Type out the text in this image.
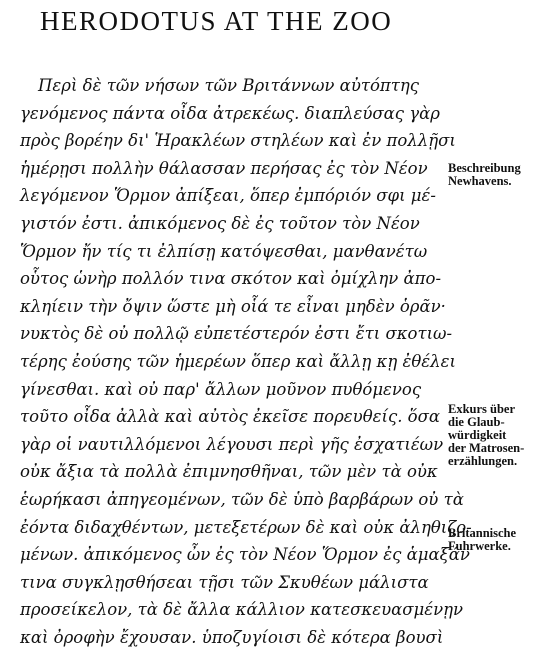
HERODOTUS AT THE ZOO
Περὶ δὲ τῶν νήσων τῶν Βριτάννων αὐτόπτης
γενόμενος πάντα οἶδα ἀτρεκέως. διαπλεύσας γὰρ
πρὸς βορέην δι' Ἡρακλέων στηλέων καὶ ἐν πολλῇσι
ἡμέρῃσι πολλὴν θάλασσαν περήσας ἐς τὸν Νέον
λεγόμενον Ὅρμον ἀπίξεαι, ὅπερ ἐμπόριόν σφι μέ-
γιστόν ἐστι. ἀπικόμενος δὲ ἐς τοῦτον τὸν Νέον
Ὅρμον ἤν τίς τι ἐλπίσῃ κατόψεσθαι, μανθανέτω
οὗτος ὡνὴρ πολλόν τινα σκότον καὶ ὀμίχλην ἀπο-
κληίειν τὴν ὄψιν ὥστε μὴ οἷά τε εἶναι μηδὲν ὁρᾶν·
νυκτὸς δὲ οὐ πολλῷ εὐπετέστερόν ἐστι ἔτι σκοτιω-
τέρης ἐούσης τῶν ἡμερέων ὅπερ καὶ ἄλλῃ κῃ ἐθέλει
γίνεσθαι. καὶ οὐ παρ' ἄλλων μοῦνον πυθόμενος
τοῦτο οἶδα ἀλλὰ καὶ αὐτὸς ἐκεῖσε πορευθείς. ὅσα
γὰρ οἱ ναυτιλλόμενοι λέγουσι περὶ γῆς ἐσχατιέων
οὐκ ἄξια τὰ πολλὰ ἐπιμνησθῆναι, τῶν μὲν τὰ οὐκ
ἑωρήκασι ἀπηγεομένων, τῶν δὲ ὑπὸ βαρβάρων οὐ τὰ
ἐόντα διδαχθέντων, μετεξετέρων δὲ καὶ οὐκ ἀληθιζο-
μένων. ἀπικόμενος ὦν ἐς τὸν Νέον Ὅρμον ἐς ἁμαξάν
τινα συγκλῃσθήσεαι τῇσι τῶν Σκυθέων μάλιστα
προσείκελον, τὰ δὲ ἄλλα κάλλιον κατεσκευασμένῃν
καὶ ὀροφὴν ἔχουσαν. ὑποζυγίοισι δὲ κότερα βουσὶ
Beschreibung
Newhavens.
Exkurs über
die Glaub-
würdigkeit
der Matrosen-
erzählungen.
Britannische
Fuhrwerke.
